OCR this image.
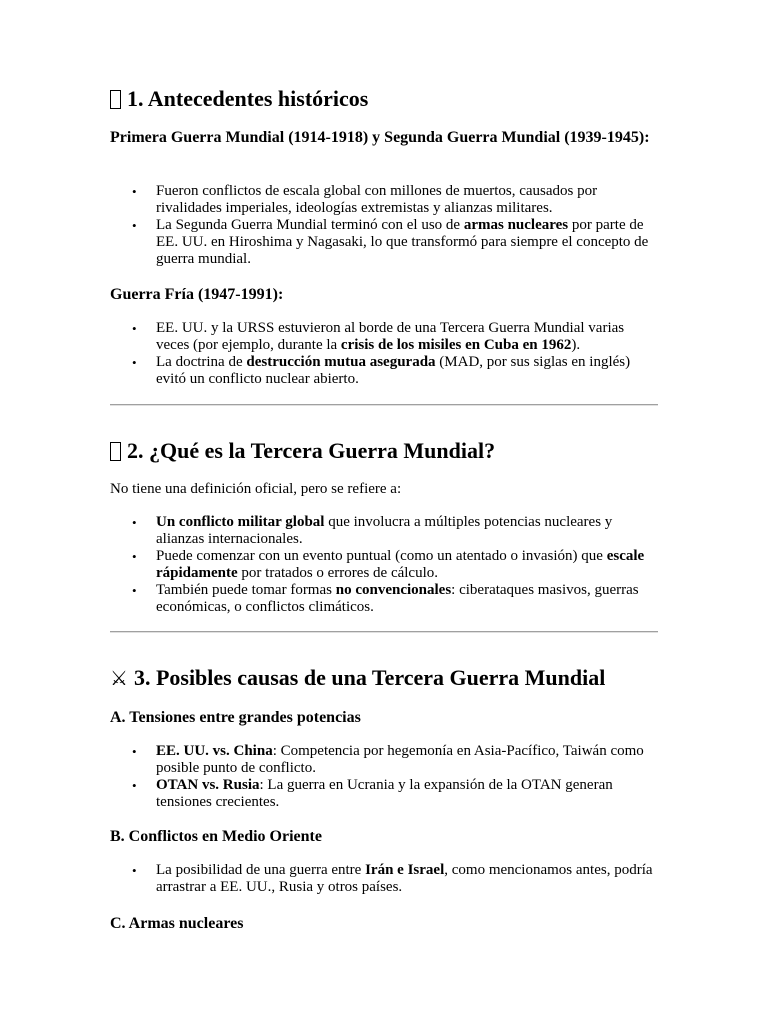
1. Antecedentes históricos
Primera Guerra Mundial (1914-1918) y Segunda Guerra Mundial (1939-1945):
• Fueron conflictos de escala global con millones de muertos, causados por rivalidades imperiales, ideologías extremistas y alianzas militares.
• La Segunda Guerra Mundial terminó con el uso de armas nucleares por parte de EE. UU. en Hiroshima y Nagasaki, lo que transformó para siempre el concepto de guerra mundial.
Guerra Fría (1947-1991):
• EE. UU. y la URSS estuvieron al borde de una Tercera Guerra Mundial varias veces (por ejemplo, durante la crisis de los misiles en Cuba en 1962).
• La doctrina de destrucción mutua asegurada (MAD, por sus siglas en inglés) evitó un conflicto nuclear abierto.
2. ¿Qué es la Tercera Guerra Mundial?

No tiene una definición oficial, pero se refiere a:

• Un conflicto militar global que involucra a múltiples potencias nucleares y alianzas internacionales.
• Puede comenzar con un evento puntual (como un atentado o invasión) que escale rápidamente por tratados o errores de cálculo.
• También puede tomar formas no convencionales: ciberataques masivos, guerras económicas, o conflictos climáticos.
⚔ 3. Posibles causas de una Tercera Guerra Mundial
A. Tensiones entre grandes potencias
• EE. UU. vs. China: Competencia por hegemonía en Asia-Pacífico, Taiwán como posible punto de conflicto.
• OTAN vs. Rusia: La guerra en Ucrania y la expansión de la OTAN generan tensiones crecientes.
B. Conflictos en Medio Oriente
• La posibilidad de una guerra entre Irán e Israel, como mencionamos antes, podría arrastrar a EE. UU., Rusia y otros países.
C. Armas nucleares
